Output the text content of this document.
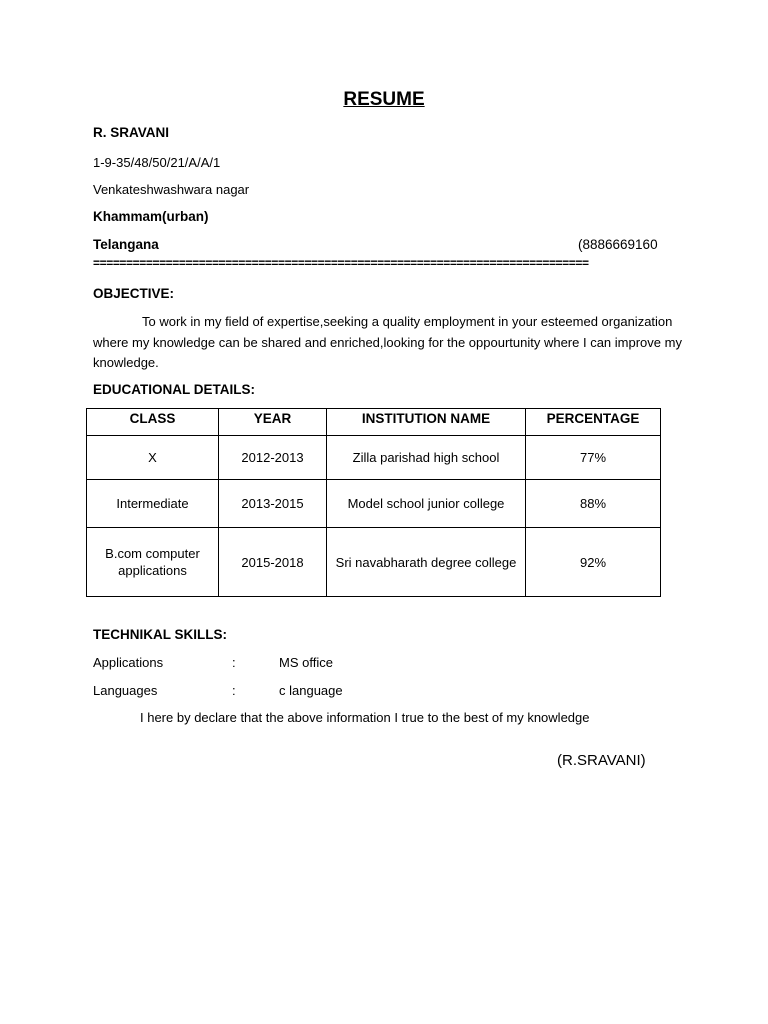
RESUME
R. SRAVANI
1-9-35/48/50/21/A/A/1
Venkateshwashwara nagar
Khammam(urban)
Telangana	(8886669160
===========================================================================
OBJECTIVE:
To work in my field of expertise,seeking a quality employment in your esteemed organization where my knowledge can be shared and enriched,looking for the oppourtunity where I can improve my knowledge.
EDUCATIONAL DETAILS:
CLASS	YEAR	INSTITUTION NAME	PERCENTAGE
X	2012-2013	Zilla parishad high school	77%
Intermediate	2013-2015	Model school junior college	88%
B.com computer applications	2015-2018	Sri navabharath degree college	92%
TECHNIKAL SKILLS:
Applications	:	MS office
Languages	:	c language
I here by declare that the above information I true to the best of my knowledge
(R.SRAVANI)
